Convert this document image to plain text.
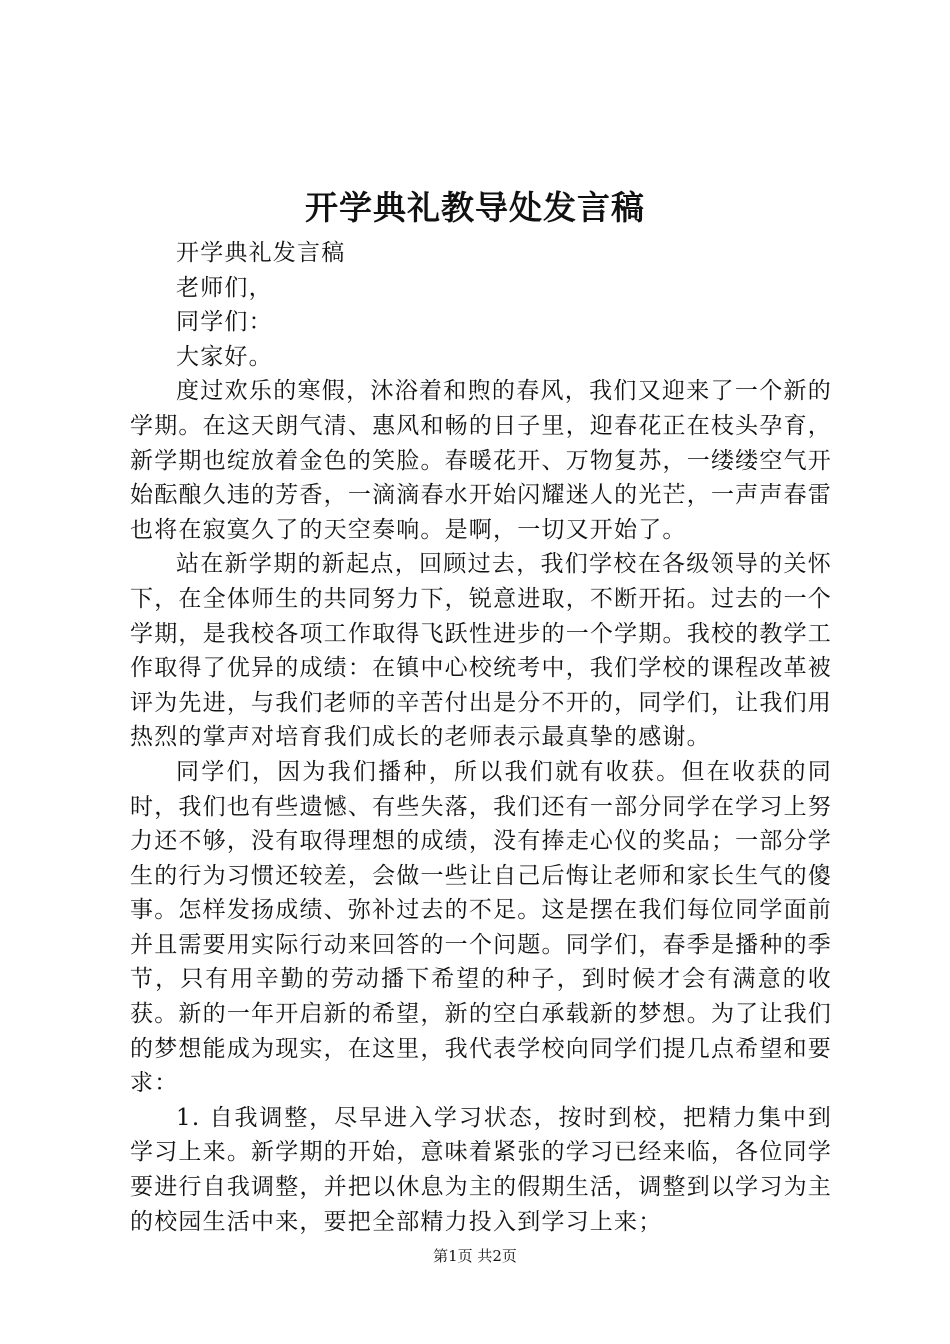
开学典礼教导处发言稿

开学典礼发言稿

老师们，

同学们：

大家好。

度过欢乐的寒假，沐浴着和煦的春风，我们又迎来了一个新的学期。在这天朗气清、惠风和畅的日子里，迎春花正在枝头孕育，新学期也绽放着金色的笑脸。春暖花开、万物复苏，一缕缕空气开始酝酿久违的芳香，一滴滴春水开始闪耀迷人的光芒，一声声春雷也将在寂寞久了的天空奏响。是啊，一切又开始了。

站在新学期的新起点，回顾过去，我们学校在各级领导的关怀下，在全体师生的共同努力下，锐意进取，不断开拓。过去的一个学期，是我校各项工作取得飞跃性进步的一个学期。我校的教学工作取得了优异的成绩：在镇中心校统考中，我们学校的课程改革被评为先进，与我们老师的辛苦付出是分不开的，同学们，让我们用热烈的掌声对培育我们成长的老师表示最真挚的感谢。

同学们，因为我们播种，所以我们就有收获。但在收获的同时，我们也有些遗憾、有些失落，我们还有一部分同学在学习上努力还不够，没有取得理想的成绩，没有捧走心仪的奖品；一部分学生的行为习惯还较差，会做一些让自己后悔让老师和家长生气的傻事。怎样发扬成绩、弥补过去的不足。这是摆在我们每位同学面前并且需要用实际行动来回答的一个问题。同学们，春季是播种的季节，只有用辛勤的劳动播下希望的种子，到时候才会有满意的收获。新的一年开启新的希望，新的空白承载新的梦想。为了让我们的梦想能成为现实，在这里，我代表学校向同学们提几点希望和要求：

1. 自我调整，尽早进入学习状态，按时到校，把精力集中到学习上来。新学期的开始，意味着紧张的学习已经来临，各位同学要进行自我调整，并把以休息为主的假期生活，调整到以学习为主的校园生活中来，要把全部精力投入到学习上来；

第1页 共2页
